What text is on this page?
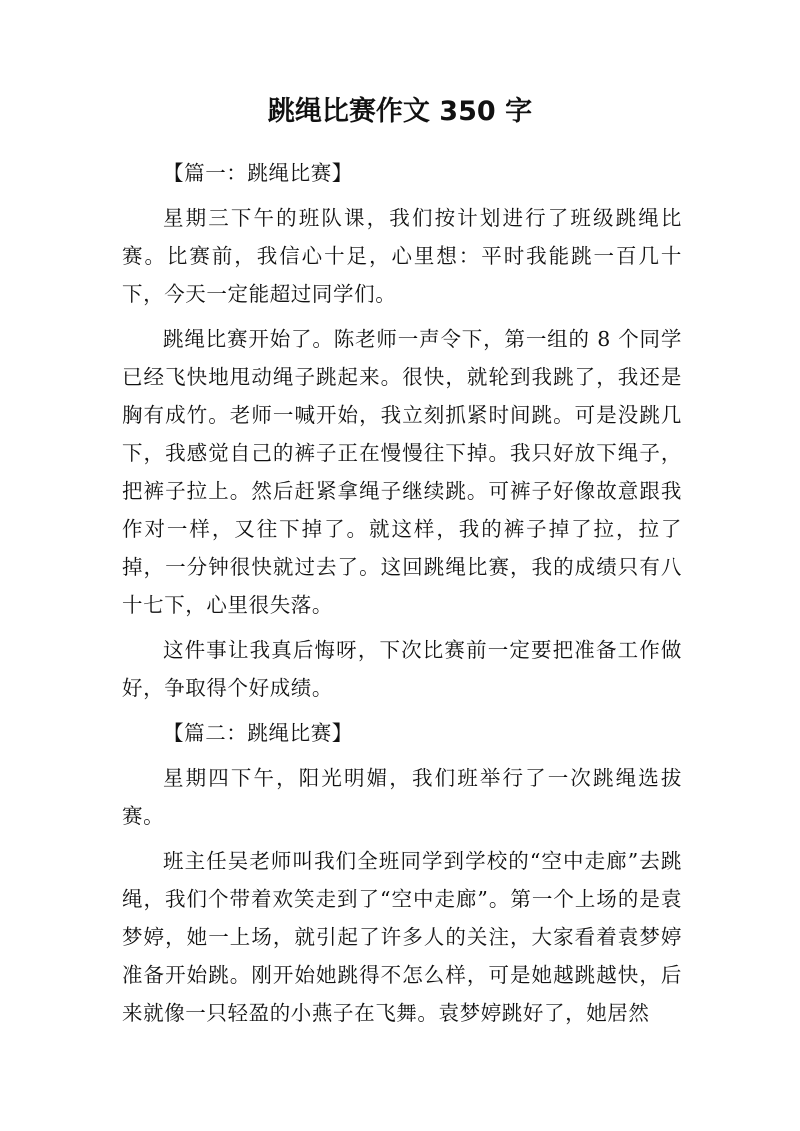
跳绳比赛作文 350 字
【篇一：跳绳比赛】

星期三下午的班队课，我们按计划进行了班级跳绳比赛。比赛前，我信心十足，心里想：平时我能跳一百几十下，今天一定能超过同学们。

跳绳比赛开始了。陈老师一声令下，第一组的 8 个同学已经飞快地甩动绳子跳起来。很快，就轮到我跳了，我还是胸有成竹。老师一喊开始，我立刻抓紧时间跳。可是没跳几下，我感觉自己的裤子正在慢慢往下掉。我只好放下绳子，把裤子拉上。然后赶紧拿绳子继续跳。可裤子好像故意跟我作对一样，又往下掉了。就这样，我的裤子掉了拉，拉了掉，一分钟很快就过去了。这回跳绳比赛，我的成绩只有八十七下，心里很失落。

这件事让我真后悔呀，下次比赛前一定要把准备工作做好，争取得个好成绩。

【篇二：跳绳比赛】

星期四下午，阳光明媚，我们班举行了一次跳绳选拔赛。

班主任吴老师叫我们全班同学到学校的“空中走廊”去跳绳，我们个带着欢笑走到了“空中走廊”。第一个上场的是袁梦婷，她一上场，就引起了许多人的关注，大家看着袁梦婷准备开始跳。刚开始她跳得不怎么样，可是她越跳越快，后来就像一只轻盈的小燕子在飞舞。袁梦婷跳好了，她居然
